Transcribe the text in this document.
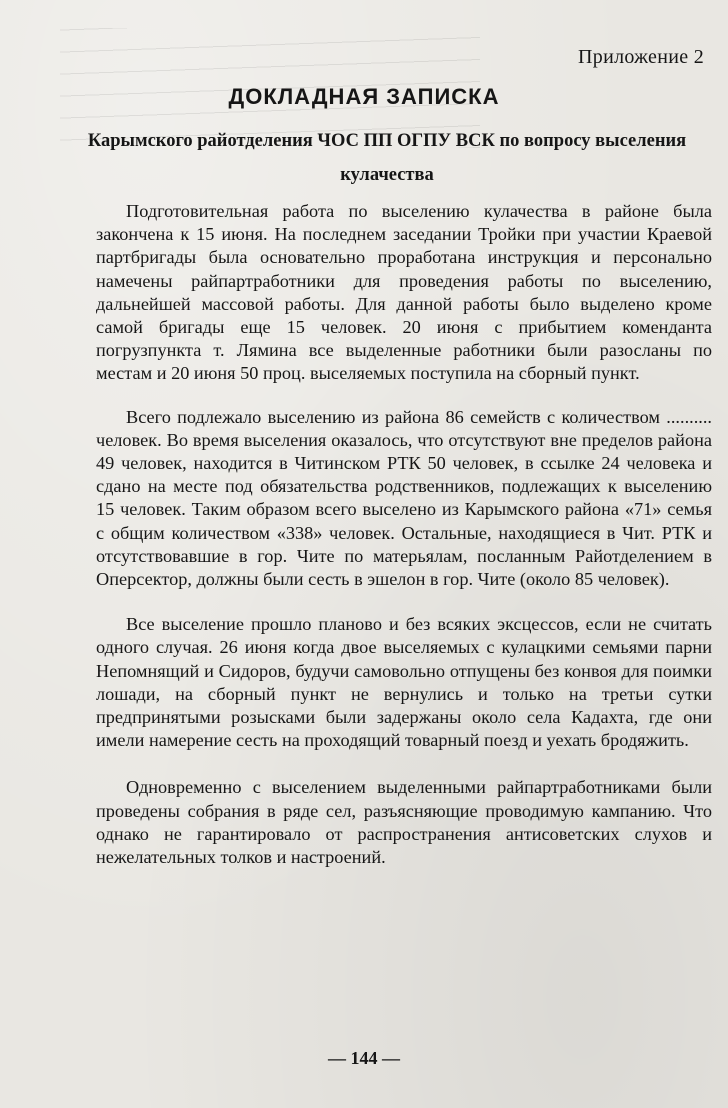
Приложение 2
ДОКЛАДНАЯ ЗАПИСКА
Карымского райотделения ЧОС ПП ОГПУ ВСК по вопросу выселения кулачества

Подготовительная работа по выселению кулачества в районе была закончена к 15 июня. На последнем заседании Тройки при участии Краевой партбригады была основательно проработана инструкция и персонально намечены райпартработники для проведения работы по выселению, дальнейшей массовой работы. Для данной работы было выделено кроме самой бригады еще 15 человек. 20 июня с прибытием коменданта погрузпункта т. Лямина все выделенные работники были разосланы по местам и 20 июня 50 проц. выселяемых поступила на сборный пункт.

Всего подлежало выселению из района 86 семейств с количеством .......... человек. Во время выселения оказалось, что отсутствуют вне пределов района 49 человек, находится в Читинском РТК 50 человек, в ссылке 24 человека и сдано на месте под обязательства родственников, подлежащих к выселению 15 человек. Таким образом всего выселено из Карымского района «71» семья с общим количеством «338» человек. Остальные, находящиеся в Чит. РТК и отсутствовавшие в гор. Чите по матерьялам, посланным Райотделением в Оперсектор, должны были сесть в эшелон в гор. Чите (около 85 человек).

Все выселение прошло планово и без всяких эксцессов, если не считать одного случая. 26 июня когда двое выселяемых с кулацкими семьями парни Непомнящий и Сидоров, будучи самовольно отпущены без конвоя для поимки лошади, на сборный пункт не вернулись и только на третьи сутки предпринятыми розысками были задержаны около села Кадахта, где они имели намерение сесть на проходящий товарный поезд и уехать бродяжить.

Одновременно с выселением выделенными райпартработниками были проведены собрания в ряде сел, разъясняющие проводимую кампанию. Что однако не гарантировало от распространения антисоветских слухов и нежелательных толков и настроений.

— 144 —
